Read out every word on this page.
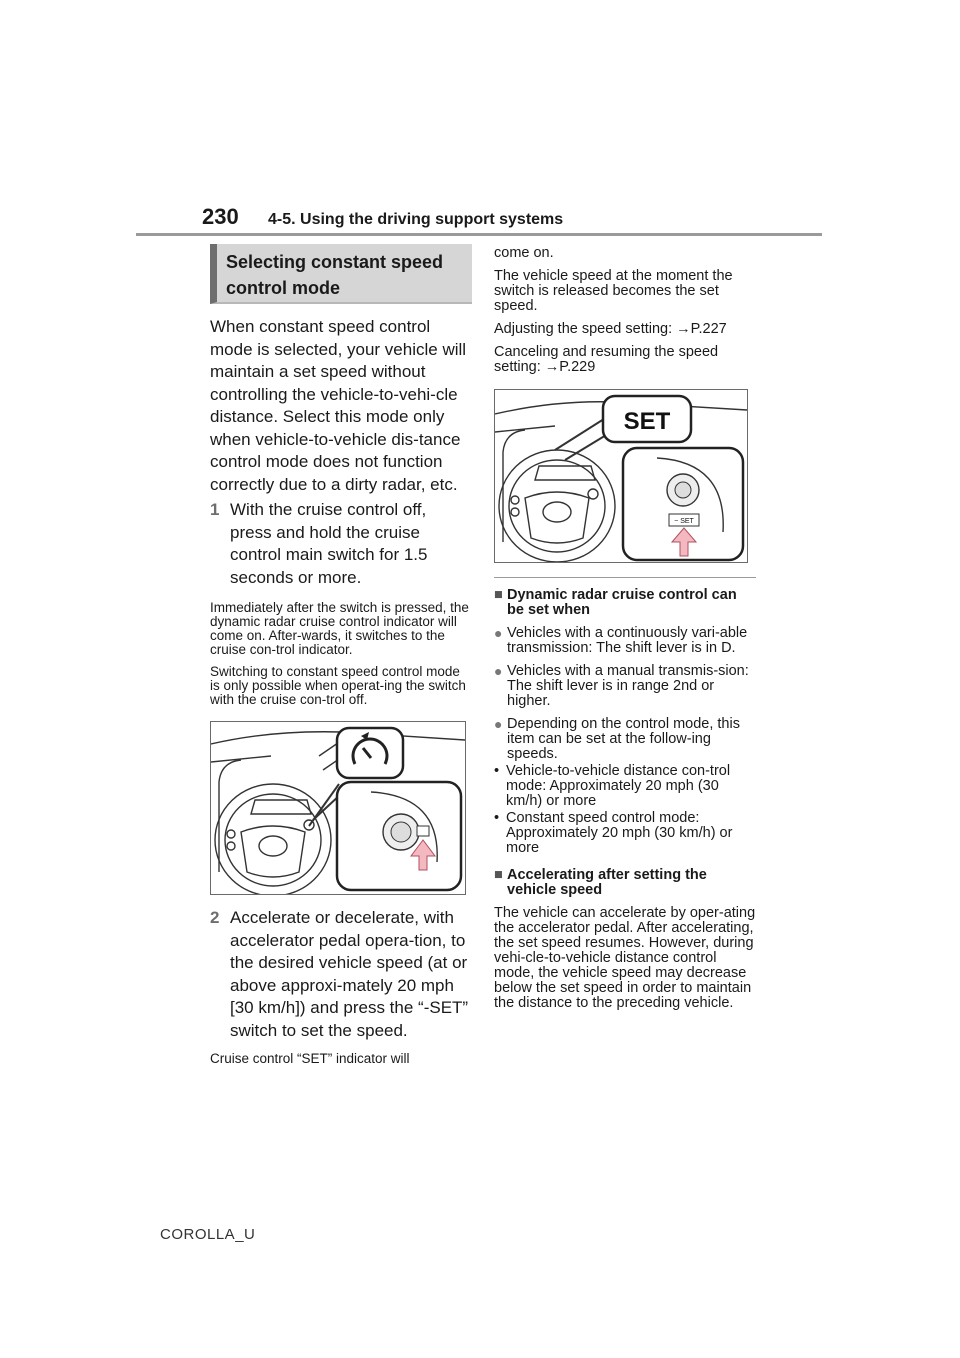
230	4-5. Using the driving support systems
Selecting constant speed control mode
When constant speed control mode is selected, your vehicle will maintain a set speed without controlling the vehicle-to-vehi-cle distance. Select this mode only when vehicle-to-vehicle dis-tance control mode does not function correctly due to a dirty radar, etc.
1 With the cruise control off, press and hold the cruise control main switch for 1.5 seconds or more.
Immediately after the switch is pressed, the dynamic radar cruise control indicator will come on. After-wards, it switches to the cruise con-trol indicator.
Switching to constant speed control mode is only possible when operat-ing the switch with the cruise con-trol off.
2 Accelerate or decelerate, with accelerator pedal opera-tion, to the desired vehicle speed (at or above approxi-mately 20 mph [30 km/h]) and press the “-SET” switch to set the speed.
Cruise control “SET” indicator will
come on.
The vehicle speed at the moment the switch is released becomes the set speed.
Adjusting the speed setting: →P.227
Canceling and resuming the speed setting: →P.229
SET
− SET
■ Dynamic radar cruise control can be set when
● Vehicles with a continuously vari-able transmission: The shift lever is in D.
● Vehicles with a manual transmis-sion: The shift lever is in range 2nd or higher.
● Depending on the control mode, this item can be set at the follow-ing speeds.
• Vehicle-to-vehicle distance con-trol mode: Approximately 20 mph (30 km/h) or more
• Constant speed control mode: Approximately 20 mph (30 km/h) or more
■ Accelerating after setting the vehicle speed
The vehicle can accelerate by oper-ating the accelerator pedal. After accelerating, the set speed resumes. However, during vehi-cle-to-vehicle distance control mode, the vehicle speed may decrease below the set speed in order to maintain the distance to the preceding vehicle.
COROLLA_U
